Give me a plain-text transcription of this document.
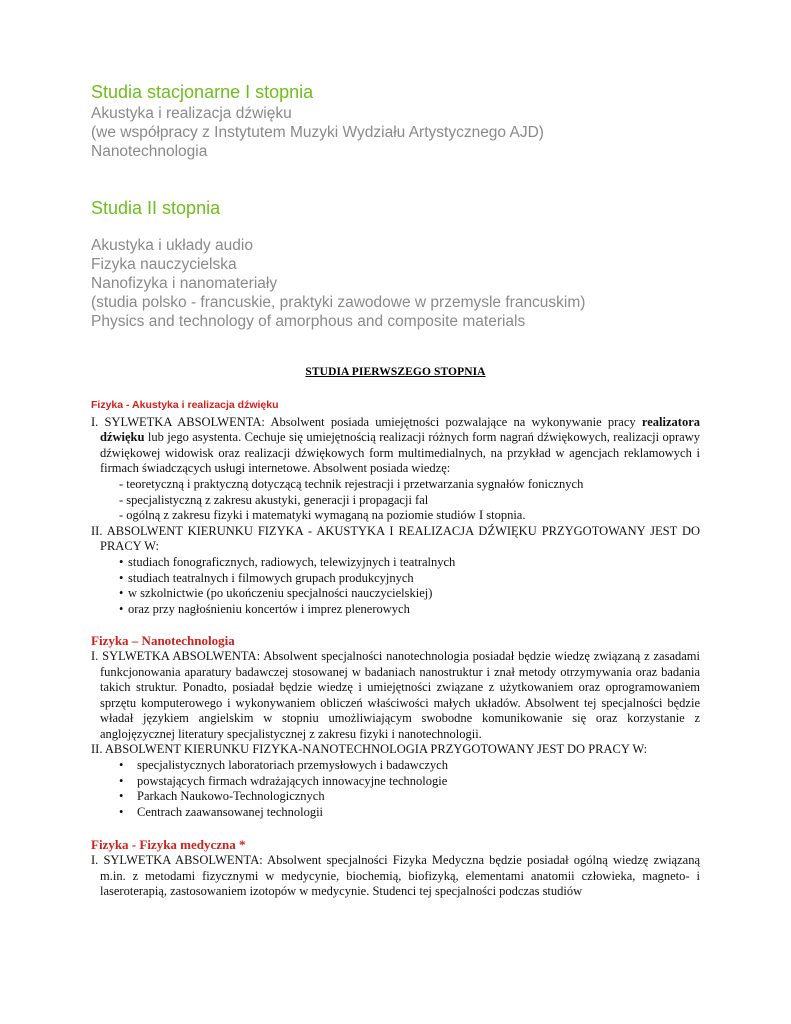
Studia stacjonarne I stopnia
Akustyka i realizacja dźwięku
(we współpracy z Instytutem Muzyki Wydziału Artystycznego AJD)
Nanotechnologia
Studia II stopnia
Akustyka i układy audio
Fizyka nauczycielska
Nanofizyka i nanomateriały
(studia polsko - francuskie, praktyki zawodowe w przemysle francuskim)
Physics and technology of amorphous and composite materials
STUDIA PIERWSZEGO STOPNIA
Fizyka - Akustyka i realizacja dźwięku

I. SYLWETKA ABSOLWENTA: Absolwent posiada umiejętności pozwalające na wykonywanie pracy realizatora dźwięku lub jego asystenta. Cechuje się umiejętnością realizacji różnych form nagrań dźwiękowych, realizacji oprawy dźwiękowej widowisk oraz realizacji dźwiękowych form multimedialnych, na przykład w agencjach reklamowych i firmach świadczących usługi internetowe. Absolwent posiada wiedzę:

- teoretyczną i praktyczną dotyczącą technik rejestracji i przetwarzania sygnałów fonicznych
- specjalistyczną z zakresu akustyki, generacji i propagacji fal
- ogólną z zakresu fizyki i matematyki wymaganą na poziomie studiów I stopnia.

II. ABSOLWENT KIERUNKU FIZYKA - AKUSTYKA I REALIZACJA DŹWIĘKU PRZYGOTOWANY JEST DO PRACY W:

• studiach fonograficznych, radiowych, telewizyjnych i teatralnych
• studiach teatralnych i filmowych grupach produkcyjnych
• w szkolnictwie (po ukończeniu specjalności nauczycielskiej)
• oraz przy nagłośnieniu koncertów i imprez plenerowych
Fizyka – Nanotechnologia

I. SYLWETKA ABSOLWENTA: Absolwent specjalności nanotechnologia posiadał będzie wiedzę związaną z zasadami funkcjonowania aparatury badawczej stosowanej w badaniach nanostruktur i znał metody otrzymywania oraz badania takich struktur. Ponadto, posiadał będzie wiedzę i umiejętności związane z użytkowaniem oraz oprogramowaniem sprzętu komputerowego i wykonywaniem obliczeń właściwości małych układów. Absolwent tej specjalności będzie władał językiem angielskim w stopniu umożliwiającym swobodne komunikowanie się oraz korzystanie z anglojęzycznej literatury specjalistycznej z zakresu fizyki i nanotechnologii.

II. ABSOLWENT KIERUNKU FIZYKA-NANOTECHNOLOGIA PRZYGOTOWANY JEST DO PRACY W:

• specjalistycznych laboratoriach przemysłowych i badawczych
• powstających firmach wdrażających innowacyjne technologie
• Parkach Naukowo-Technologicznych
• Centrach zaawansowanej technologii
Fizyka - Fizyka medyczna *

I. SYLWETKA ABSOLWENTA: Absolwent specjalności Fizyka Medyczna będzie posiadał ogólną wiedzę związaną m.in. z metodami fizycznymi w medycynie, biochemią, biofizyką, elementami anatomii człowieka, magneto- i laseroterapią, zastosowaniem izotopów w medycynie. Studenci tej specjalności podczas studiów
